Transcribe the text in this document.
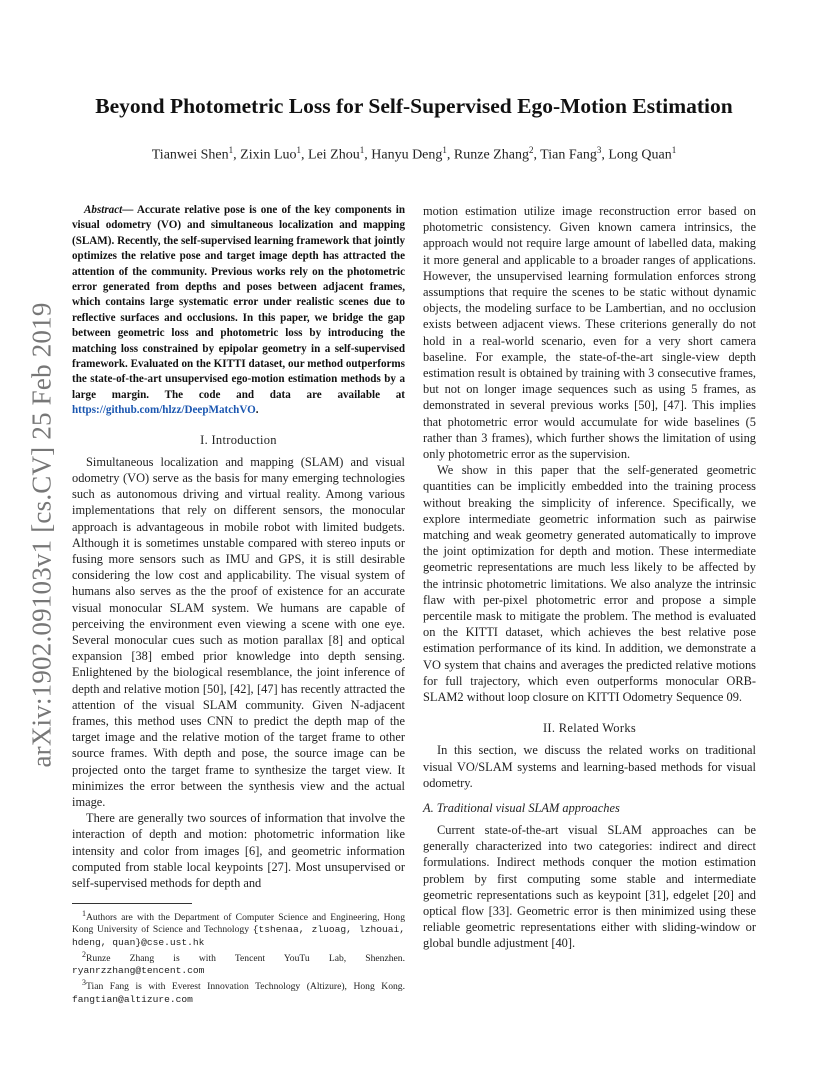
arXiv:1902.09103v1 [cs.CV] 25 Feb 2019
Beyond Photometric Loss for Self-Supervised Ego-Motion Estimation
Tianwei Shen$^1$, Zixin Luo$^1$, Lei Zhou$^1$, Hanyu Deng$^1$, Runze Zhang$^2$, Tian Fang$^3$, Long Quan$^1$

Abstract— Accurate relative pose is one of the key components in visual odometry (VO) and simultaneous localization and mapping (SLAM). Recently, the self-supervised learning framework that jointly optimizes the relative pose and target image depth has attracted the attention of the community. Previous works rely on the photometric error generated from depths and poses between adjacent frames, which contains large systematic error under realistic scenes due to reflective surfaces and occlusions. In this paper, we bridge the gap between geometric loss and photometric loss by introducing the matching loss constrained by epipolar geometry in a self-supervised framework. Evaluated on the KITTI dataset, our method outperforms the state-of-the-art unsupervised ego-motion estimation methods by a large margin. The code and data are available at https://github.com/hlzz/DeepMatchVO.

I. Introduction

Simultaneous localization and mapping (SLAM) and visual odometry (VO) serve as the basis for many emerging technologies such as autonomous driving and virtual reality. Among various implementations that rely on different sensors, the monocular approach is advantageous in mobile robot with limited budgets. Although it is sometimes unstable compared with stereo inputs or fusing more sensors such as IMU and GPS, it is still desirable considering the low cost and applicability. The visual system of humans also serves as the the proof of existence for an accurate visual monocular SLAM system. We humans are capable of perceiving the environment even viewing a scene with one eye. Several monocular cues such as motion parallax [8] and optical expansion [38] embed prior knowledge into depth sensing. Enlightened by the biological resemblance, the joint inference of depth and relative motion [50], [42], [47] has recently attracted the attention of the visual SLAM community. Given N-adjacent frames, this method uses CNN to predict the depth map of the target image and the relative motion of the target frame to other source frames. With depth and pose, the source image can be projected onto the target frame to synthesize the target view. It minimizes the error between the synthesis view and the actual image.

There are generally two sources of information that involve the interaction of depth and motion: photometric information like intensity and color from images [6], and geometric information computed from stable local keypoints [27]. Most unsupervised or self-supervised methods for depth and

motion estimation utilize image reconstruction error based on photometric consistency. Given known camera intrinsics, the approach would not require large amount of labelled data, making it more general and applicable to a broader ranges of applications. However, the unsupervised learning formulation enforces strong assumptions that require the scenes to be static without dynamic objects, the modeling surface to be Lambertian, and no occlusion exists between adjacent views. These criterions generally do not hold in a real-world scenario, even for a very short camera baseline. For example, the state-of-the-art single-view depth estimation result is obtained by training with 3 consecutive frames, but not on longer image sequences such as using 5 frames, as demonstrated in several previous works [50], [47]. This implies that photometric error would accumulate for wide baselines (5 rather than 3 frames), which further shows the limitation of using only photometric error as the supervision.

We show in this paper that the self-generated geometric quantities can be implicitly embedded into the training process without breaking the simplicity of inference. Specifically, we explore intermediate geometric information such as pairwise matching and weak geometry generated automatically to improve the joint optimization for depth and motion. These intermediate geometric representations are much less likely to be affected by the intrinsic photometric limitations. We also analyze the intrinsic flaw with per-pixel photometric error and propose a simple percentile mask to mitigate the problem. The method is evaluated on the KITTI dataset, which achieves the best relative pose estimation performance of its kind. In addition, we demonstrate a VO system that chains and averages the predicted relative motions for full trajectory, which even outperforms monocular ORB-SLAM2 without loop closure on KITTI Odometry Sequence 09.

II. Related Works

In this section, we discuss the related works on traditional visual VO/SLAM systems and learning-based methods for visual odometry.

A. Traditional visual SLAM approaches

Current state-of-the-art visual SLAM approaches can be generally characterized into two categories: indirect and direct formulations. Indirect methods conquer the motion estimation problem by first computing some stable and intermediate geometric representations such as keypoint [31], edgelet [20] and optical flow [33]. Geometric error is then minimized using these reliable geometric representations either with sliding-window or global bundle adjustment [40].

$^1$Authors are with the Department of Computer Science and Engineering, Hong Kong University of Science and Technology {tshenaa, zluoag, lzhouai, hdeng, quan}@cse.ust.hk

$^2$Runze Zhang is with Tencent YouTu Lab, Shenzhen. ryanrzzhang@tencent.com

$^3$Tian Fang is with Everest Innovation Technology (Altizure), Hong Kong. fangtian@altizure.com
